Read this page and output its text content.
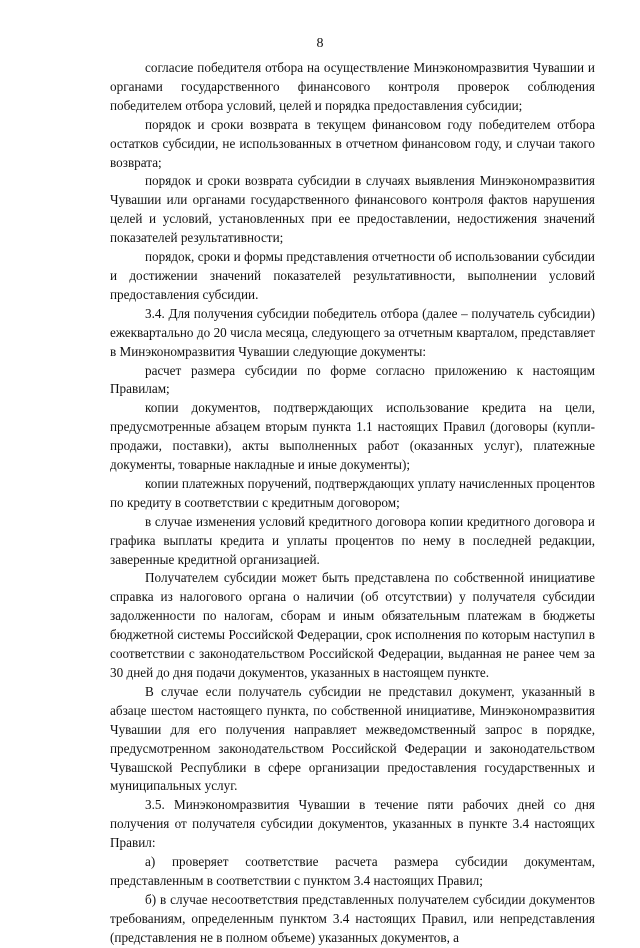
8

согласие победителя отбора на осуществление Минэкономразвития Чувашии и органами государственного финансового контроля проверок соблюдения победителем отбора условий, целей и порядка предоставления субсидии;

порядок и сроки возврата в текущем финансовом году победителем отбора остатков субсидии, не использованных в отчетном финансовом году, и случаи такого возврата;

порядок и сроки возврата субсидии в случаях выявления Минэкономразвития Чувашии или органами государственного финансового контроля фактов нарушения целей и условий, установленных при ее предоставлении, недостижения значений показателей результативности;

порядок, сроки и формы представления отчетности об использовании субсидии и достижении значений показателей результативности, выполнении условий предоставления субсидии.

3.4. Для получения субсидии победитель отбора (далее – получатель субсидии) ежеквартально до 20 числа месяца, следующего за отчетным кварталом, представляет в Минэкономразвития Чувашии следующие документы:

расчет размера субсидии по форме согласно приложению к настоящим Правилам;

копии документов, подтверждающих использование кредита на цели, предусмотренные абзацем вторым пункта 1.1 настоящих Правил (договоры (купли-продажи, поставки), акты выполненных работ (оказанных услуг), платежные документы, товарные накладные и иные документы);

копии платежных поручений, подтверждающих уплату начисленных процентов по кредиту в соответствии с кредитным договором;

в случае изменения условий кредитного договора копии кредитного договора и графика выплаты кредита и уплаты процентов по нему в последней редакции, заверенные кредитной организацией.

Получателем субсидии может быть представлена по собственной инициативе справка из налогового органа о наличии (об отсутствии) у получателя субсидии задолженности по налогам, сборам и иным обязательным платежам в бюджеты бюджетной системы Российской Федерации, срок исполнения по которым наступил в соответствии с законодательством Российской Федерации, выданная не ранее чем за 30 дней до дня подачи документов, указанных в настоящем пункте.

В случае если получатель субсидии не представил документ, указанный в абзаце шестом настоящего пункта, по собственной инициативе, Минэкономразвития Чувашии для его получения направляет межведомственный запрос в порядке, предусмотренном законодательством Российской Федерации и законодательством Чувашской Республики в сфере организации предоставления государственных и муниципальных услуг.

3.5. Минэкономразвития Чувашии в течение пяти рабочих дней со дня получения от получателя субсидии документов, указанных в пункте 3.4 настоящих Правил:

а) проверяет соответствие расчета размера субсидии документам, представленным в соответствии с пунктом 3.4 настоящих Правил;

б) в случае несоответствия представленных получателем субсидии документов требованиям, определенным пунктом 3.4 настоящих Правил, или непредставления (представления не в полном объеме) указанных документов, а
